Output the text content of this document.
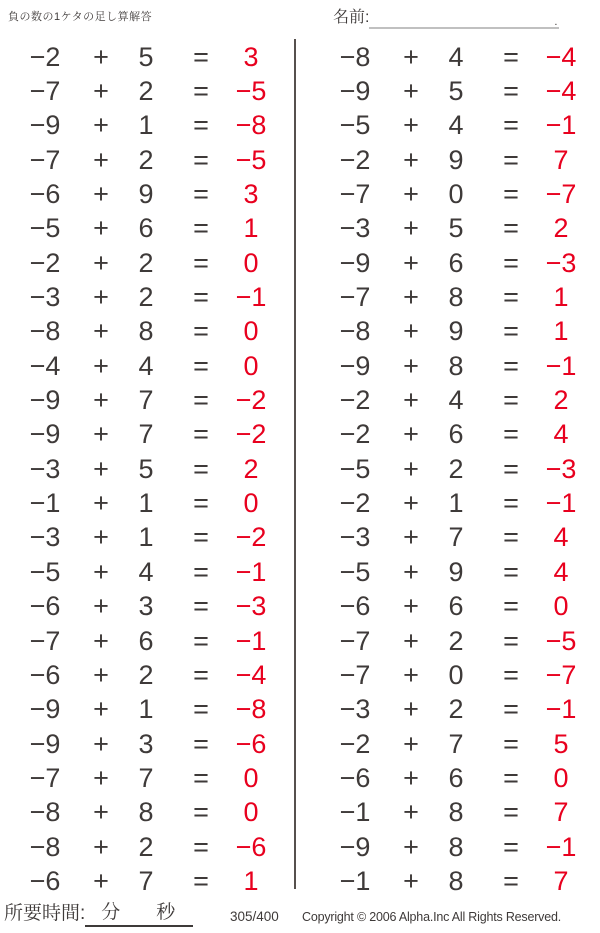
負の数の1ケタの足し算解答	名前:	.
−2	+	5	=	3
−7	+	2	= −5
−9	+	1	= −8
−7	+	2	= −5
−6	+	9	=	3
−5	+	6	=	1
−2	+	2	=	0
−3	+	2	= −1
−8	+	8	=	0
−4	+	4	=	0
−9	+	7	= −2
−9	+	7	= −2
−3	+	5	=	2
−1	+	1	=	0
−3	+	1	= −2
−5	+	4	= −1
−6	+	3	= −3
−7	+	6	= −1
−6	+	2	= −4
−9	+	1	= −8
−9	+	3	= −6
−7	+	7	=	0
−8	+	8	=	0
−8	+	2	= −6
−6	+	7	=	1
−8	+	4	= −4
−9	+	5	= −4
−5	+	4	= −1
−2	+	9	=	7
−7	+	0	= −7
−3	+	5	=	2
−9	+	6	= −3
−7	+	8	=	1
−8	+	9	=	1
−9	+	8	= −1
−2	+	4	=	2
−2	+	6	=	4
−5	+	2	= −3
−2	+	1	= −1
−3	+	7	=	4
−5	+	9	=	4
−6	+	6	=	0
−7	+	2	= −5
−7	+	0	= −7
−3	+	2	= −1
−2	+	7	=	5
−6	+	6	=	0
−1	+	8	=	7
−9	+	8	= −1
−1	+	8	=	7
所要時間: 分 秒	305/400 Copyright © 2006 Alpha.Inc All Rights Reserved.
